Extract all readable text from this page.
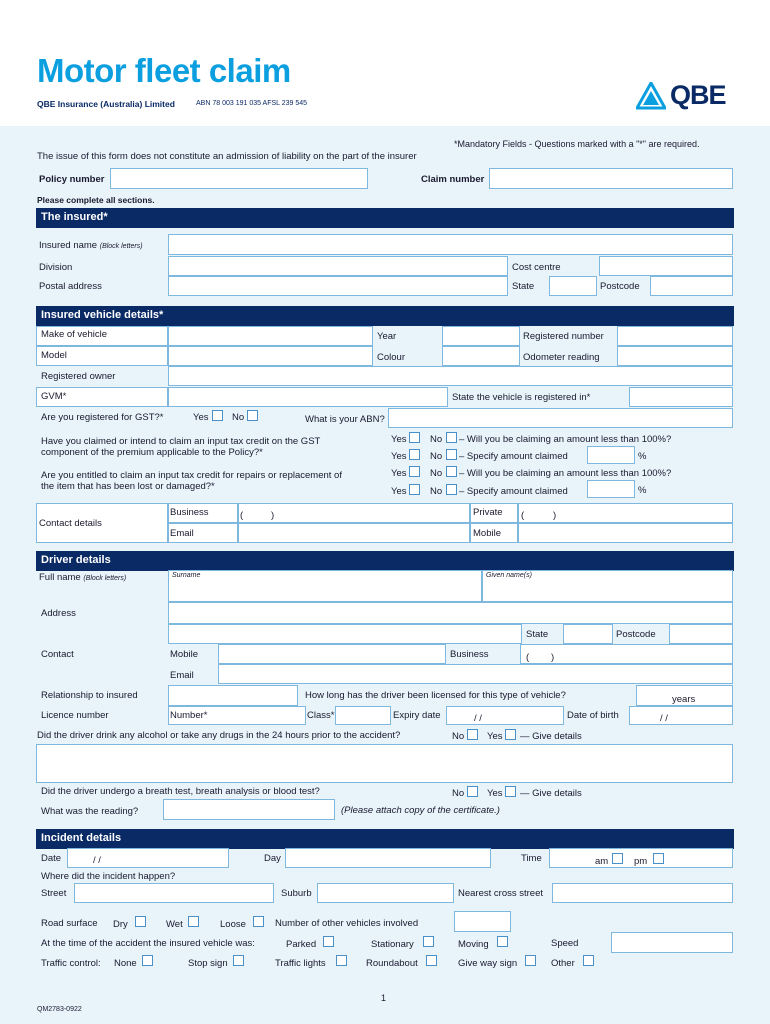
Motor fleet claim
QBE Insurance (Australia) Limited	ABN 78 003 191 035 AFSL 239 545	QBE
*Mandatory Fields - Questions marked with a "*" are required.
The issue of this form does not constitute an admission of liability on the part of the insurer
Policy number	Claim number
Please complete all sections.
The insured*
Insured name (Block letters)
Division	Cost centre
Postal address	State	Postcode
Insured vehicle details*
Make of vehicle	Year	Registered number
Model	Colour	Odometer reading
Registered owner
GVM*	State the vehicle is registered in*
Are you registered for GST?*	Yes No	What is your ABN?
Have you claimed or intend to claim an input tax credit on the GST
component of the premium applicable to the Policy?*
Yes No – Will you be claiming an amount less than 100%?
Yes No – Specify amount claimed	%
Are you entitled to claim an input tax credit for repairs or replacement of
the item that has been lost or damaged?*
Yes No – Will you be claiming an amount less than 100%?
Yes No – Specify amount claimed	%
Contact details
Business	(	)	Private (	)
Email	Mobile
Driver details
Full name (Block letters)	Surname	Given name(s)
Address
State	Postcode
Contact	Mobile	Business	( )
Email
Relationship to insured	How long has the driver been licensed for this type of vehicle?	years
Licence number	Number*	Class*	Expiry date	/ /	Date of birth	/ /
Did the driver drink any alcohol or take any drugs in the 24 hours prior to the accident?	No Yes — Give details
Did the driver undergo a breath test, breath analysis or blood test?	No Yes — Give details
What was the reading?	(Please attach copy of the certificate.)
Incident details
Date	/ /	Day	Time	am	pm
Where did the incident happen?
Street	Suburb	Nearest cross street
Road surface Dry	Wet	Loose	Number of other vehicles involved
At the time of the accident the insured vehicle was:	Parked	Stationary	Moving	Speed
Traffic control: None	Stop sign	Traffic lights	Roundabout	Give way sign	Other
1
QM2783-0922
